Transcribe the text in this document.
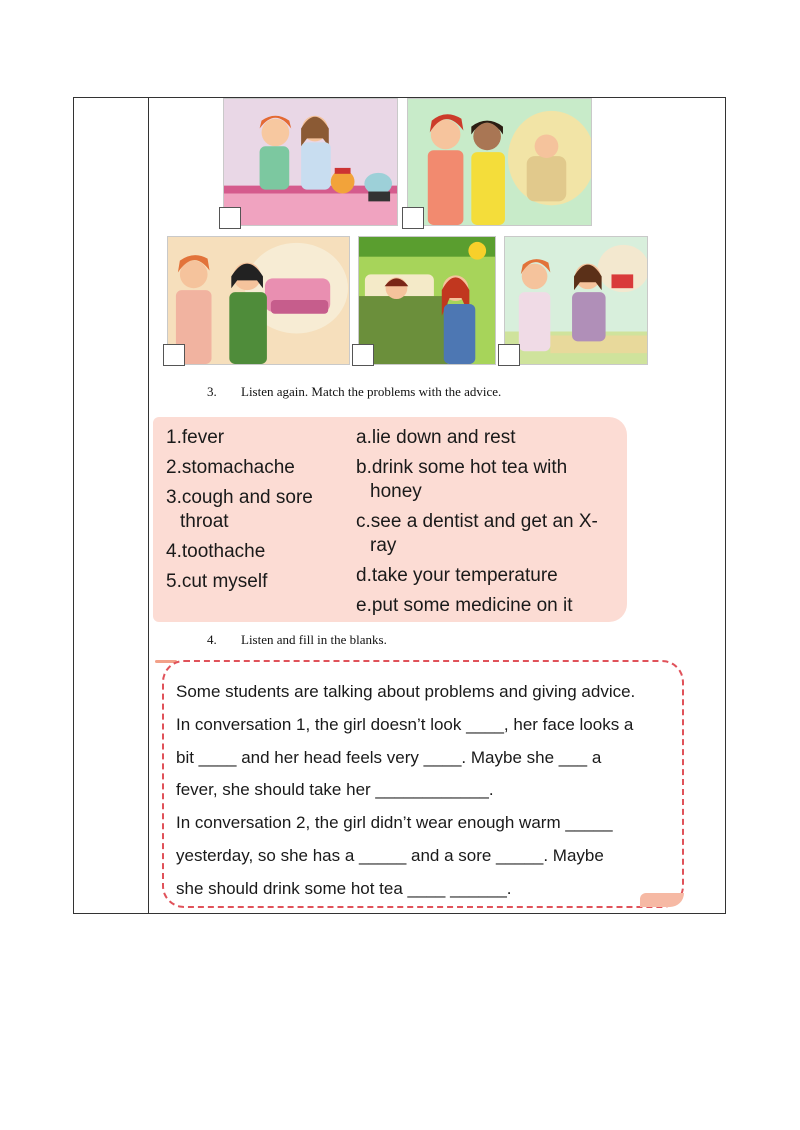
3. Listen again. Match the problems with the advice.
1.fever
2.stomachache
3.cough and sore
throat
4.toothache
5.cut myself
a.lie down and rest
b.drink some hot tea with
honey
c.see a dentist and get an X-
ray
d.take your temperature
e.put some medicine on it
4. Listen and fill in the blanks.

Some students are talking about problems and giving advice.

In conversation 1, the girl doesn’t look ____, her face looks a

bit ____ and her head feels very ____. Maybe she ___ a

fever, she should take her ____________.

In conversation 2, the girl didn’t wear enough warm _____

yesterday, so she has a _____ and a sore _____. Maybe

she should drink some hot tea ____ ______.
